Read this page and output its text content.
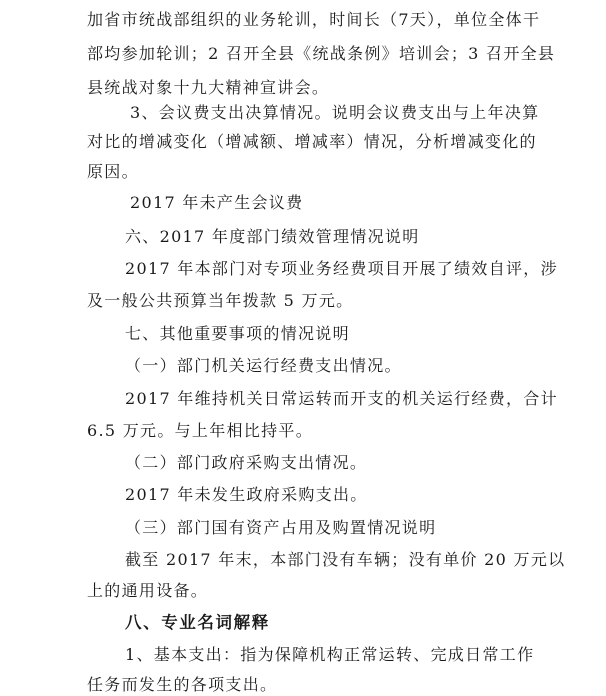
加省市统战部组织的业务轮训，时间长（7天），单位全体干
部均参加轮训；2 召开全县《统战条例》培训会；3 召开全县
县统战对象十九大精神宣讲会。
3、会议费支出决算情况。说明会议费支出与上年决算
对比的增减变化（增减额、增减率）情况，分析增减变化的
原因。
2017 年未产生会议费
六、2017 年度部门绩效管理情况说明
2017 年本部门对专项业务经费项目开展了绩效自评，涉
及一般公共预算当年拨款 5 万元。
七、其他重要事项的情况说明
（一）部门机关运行经费支出情况。
2017 年维持机关日常运转而开支的机关运行经费，合计
6.5 万元。与上年相比持平。
（二）部门政府采购支出情况。
2017 年未发生政府采购支出。
（三）部门国有资产占用及购置情况说明
截至 2017 年末，本部门没有车辆；没有单价 20 万元以
上的通用设备。
八、专业名词解释
1、基本支出：指为保障机构正常运转、完成日常工作
任务而发生的各项支出。
